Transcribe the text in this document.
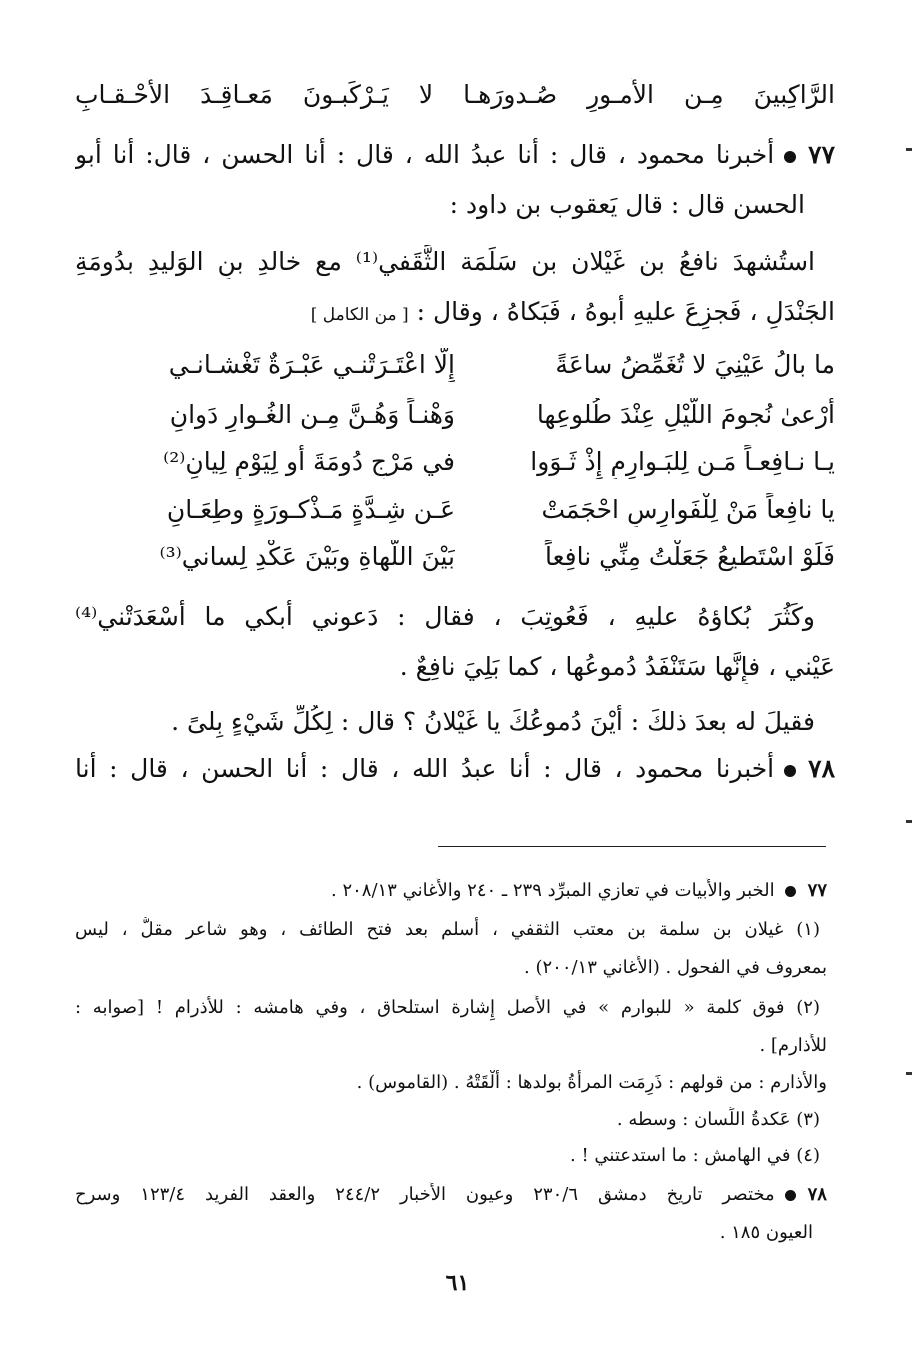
الرَّاكِبينَ مِـن الأُمـورِ صُـدورَهـا لا يَـرْكَبـونَ مَعـاقِـدَ الأَحْـقـابِ
٧٧أَخبرنا محمود ، قال : أَنا عبدُ الله ، قال : أَنا الحسن ، قال: أَنا أَبو
الحسن قال : قال يَعقوب بن داود :
استُشهدَ نافعُ بن غَيْلان بن سَلَمَة الثَّقَفي⁽¹⁾ مع خالدِ بنِ الوَليدِ بدُومَةِ
الجَنْدَلِ ، فَجزِعَ عليهِ أَبوهُ ، فَبَكاهُ ، وقال : [ من الكامل ]
ما بالُ عَيْنِيَ لا تُغَمِّضُ ساعَةً
إِلّا اعْتَـرَتْنـي عَبْـرَةٌ تَغْشـانـي
أَرْعىٰ نُجومَ اللَّيْلِ عِنْدَ طُلوعِها
وَهْنـاً وَهُـنَّ مِـن الغُـوارِ دَوانِ
يـا نـافِعـاً مَـن لِلبَـوارِمِ إِذْ ثَـوَوا
في مَرْجِ دُومَةَ أَو لِيَوْمِ لِيانِ⁽²⁾
يا نافِعاً مَنْ لِلْفَوارِسِ احْجَمَتْ
عَـن شِـدَّةٍ مَـذْكـورَةٍ وطِعَـانِ
فَلَوْ اسْتَطيعُ جَعَلْتُ مِنِّي نافِعاً
بَيْنَ اللَّهاةِ وبَيْنَ عَكْدِ لِساني⁽³⁾
وكَثُرَ بُكاؤهُ عليهِ ، فَعُوتِبَ ، فقال : دَعوني أَبكي ما أَسْعَدَتْني⁽⁴⁾
عَيْني ، فإِنَّها سَتَنْفَدُ دُموعُها ، كما بَلِيَ نافِعٌ .
فقيلَ له بعدَ ذلكَ : أَيْنَ دُموعُكَ يا غَيْلانُ ؟ قال : لِكُلِّ شَيْءٍ بِلىً .
٧٨أَخبرنا محمود ، قال : أَنا عبدُ الله ، قال : أَنا الحسن ، قال : أَنا
٧٧الخبر والأَبيات في تعازي المبرِّد ٢٣٩ ـ ٢٤٠ والأَغاني ٢٠٨/١٣ .
(١) غيلان بن سلمة بن معتب الثقفي ، أَسلم بعد فتح الطائف ، وهو شاعر مقلٌّ ، ليس
بمعروف في الفحول . (الأَغاني ٢٠٠/١٣) .
(٢) فوق كلمة « للبوارم » في الأَصل إِشارة استلحاق ، وفي هامشه : للأذرام ! [صوابه :
للأَذارم] .
والأَذارم : من قولهم : ذَرِمَت المرأةُ بولدها : أَلْقَتْهُ . (القاموس) .
(٣) عَكدةُ اللِّسان : وسطه .
(٤) في الهامش : ما استدعتني ! .
٧٨مختصر تاريخ دمشق ٢٣٠/٦ وعيون الأَخبار ٢٤٤/٢ والعقد الفريد ١٢٣/٤ وسرح
العيون ١٨٥ .
٦١
